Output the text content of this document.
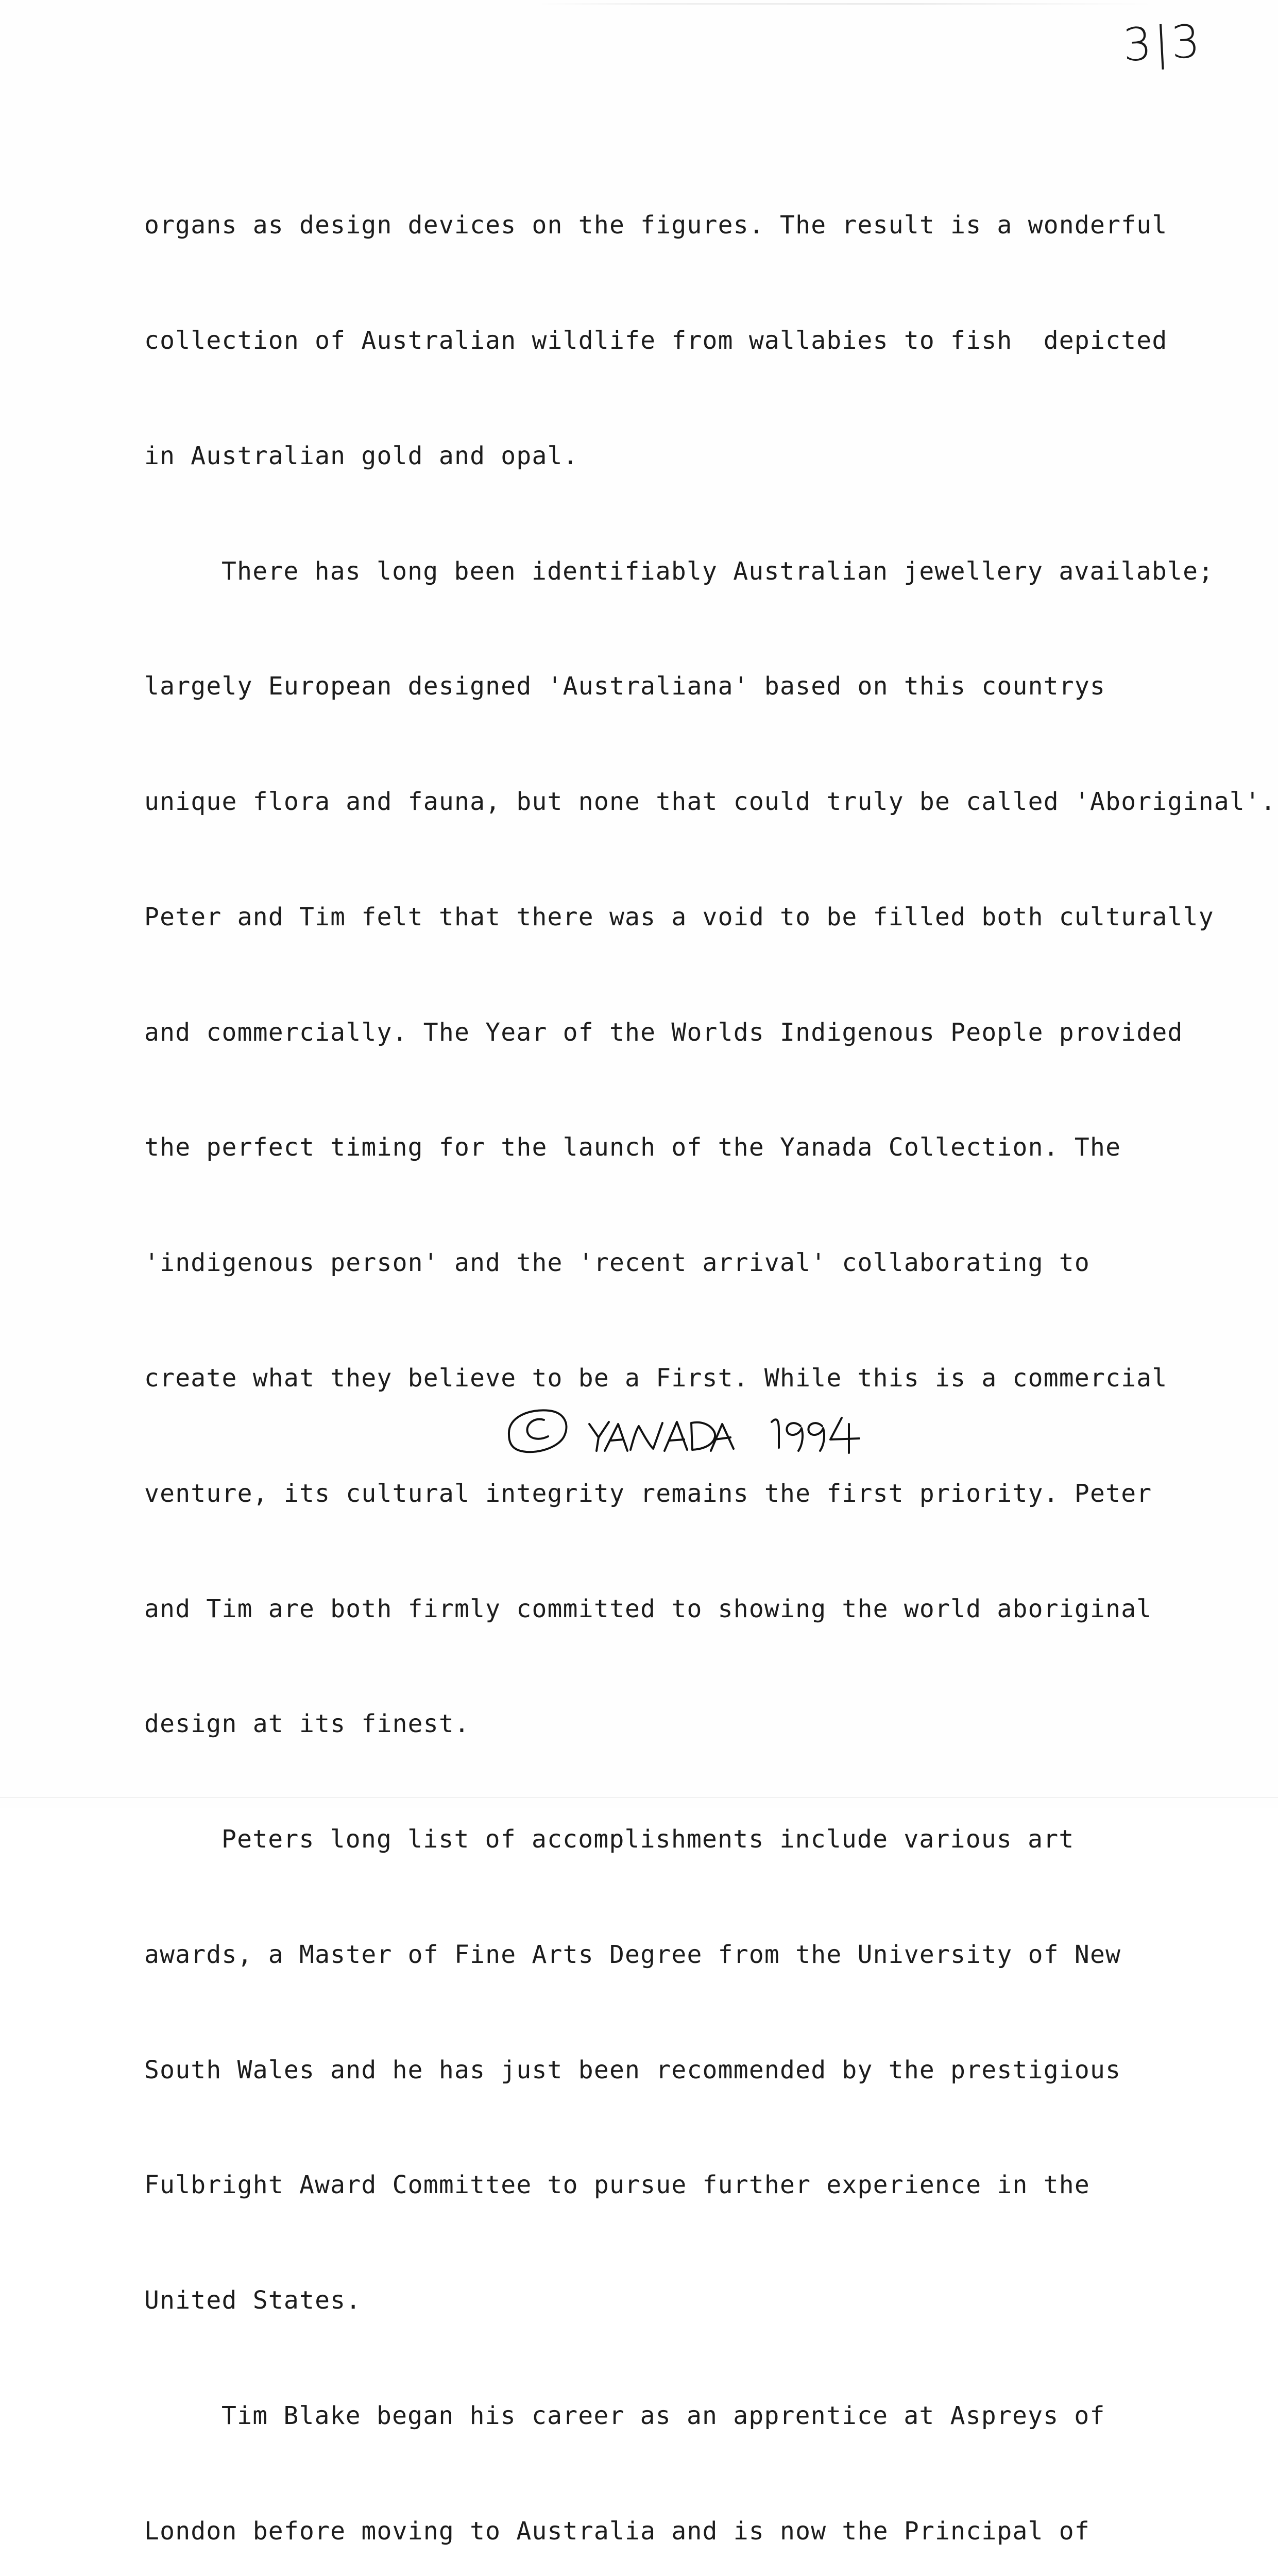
3|3

organs as design devices on the figures. The result is a wonderful

collection of Australian wildlife from wallabies to fish  depicted

in Australian gold and opal.

There has long been identifiably Australian jewellery available;

largely European designed 'Australiana' based on this countrys

unique flora and fauna, but none that could truly be called 'Aboriginal'.

Peter and Tim felt that there was a void to be filled both culturally

and commercially. The Year of the Worlds Indigenous People provided

the perfect timing for the launch of the Yanada Collection. The

'indigenous person' and the 'recent arrival' collaborating to

create what they believe to be a First. While this is a commercial

venture, its cultural integrity remains the first priority. Peter

and Tim are both firmly committed to showing the world aboriginal

design at its finest.

Peters long list of accomplishments include various art

awards, a Master of Fine Arts Degree from the University of New

South Wales and he has just been recommended by the prestigious

Fulbright Award Committee to pursue further experience in the

United States.

Tim Blake began his career as an apprentice at Aspreys of

London before moving to Australia and is now the Principal of
